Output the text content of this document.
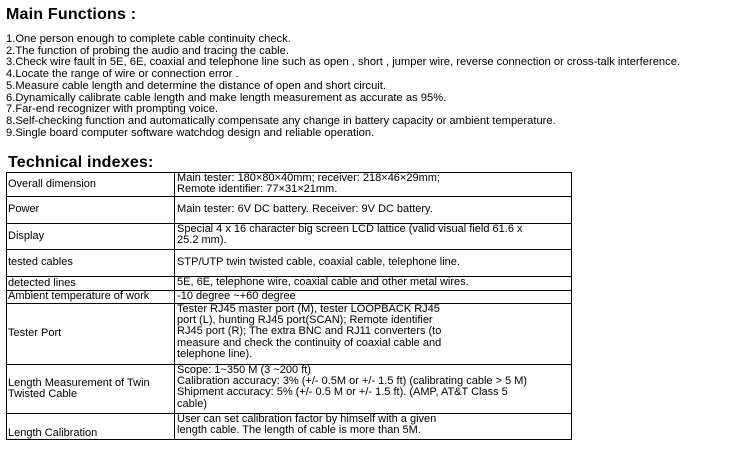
Main Functions :
1.One person enough to complete cable continuity check.
2.The function of probing the audio and tracing the cable.
3.Check wire fault in 5E, 6E, coaxial and telephone line such as open , short , jumper wire, reverse connection or cross-talk interference.
4.Locate the range of wire or connection error .
5.Measure cable length and determine the distance of open and short circuit.
6.Dynamically calibrate cable length and make length measurement as accurate as 95%.
7.Far-end recognizer with prompting voice.
8.Self-checking function and automatically compensate any change in battery capacity or ambient temperature.
9.Single board computer software watchdog design and reliable operation.
Technical indexes:
Overall dimension	Main tester: 180×80×40mm; receiver: 218×46×29mm;
Remote identifier: 77×31×21mm.
Power	Main tester: 6V DC battery. Receiver: 9V DC battery.
Display	Special 4 x 16 character big screen LCD lattice (valid visual field 61.6 x
25.2 mm).
tested cables	STP/UTP twin twisted cable, coaxial cable, telephone line.
detected lines	5E, 6E, telephone wire, coaxial cable and other metal wires.
Ambient temperature of work	-10 degree ~+60 degree
Tester Port	Tester RJ45 master port (M), tester LOOPBACK RJ45
port (L), hunting RJ45 port(SCAN); Remote identifier
RJ45 port (R); The extra BNC and RJ11 converters (to
measure and check the continuity of coaxial cable and
telephone line).
Length Measurement of Twin
Twisted Cable	Scope: 1~350 M (3 ~200 ft)
Calibration accuracy: 3% (+/- 0.5M or +/- 1.5 ft) (calibrating cable > 5 M)
Shipment accuracy: 5% (+/- 0.5 M or +/- 1.5 ft). (AMP, AT&T Class 5
cable)
Length Calibration	User can set calibration factor by himself with a given
length cable. The length of cable is more than 5M.
